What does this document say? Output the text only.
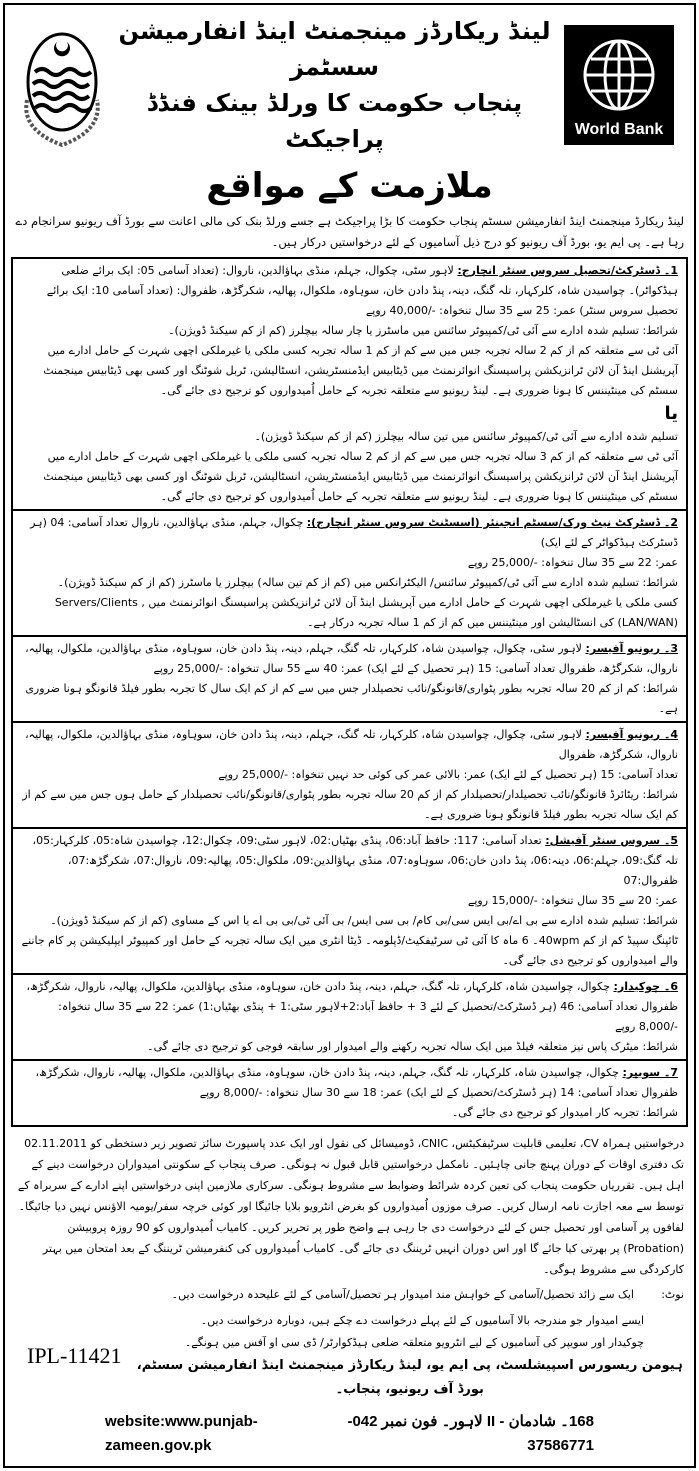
لینڈ ریکارڈز مینجمنٹ اینڈ انفارمیشن سسٹمز
پنجاب حکومت کا ورلڈ بینک فنڈڈ پراجیکٹ	World Bank
ملازمت کے مواقع
لینڈ ریکارڈ مینجمنٹ اینڈ انفارمیشن سسٹم پنجاب حکومت کا بڑا پراجیکٹ ہے جسے ورلڈ بنک کی مالی اعانت سے بورڈ آف ریونیو سرانجام دے رہا ہے۔ پی ایم یو، بورڈ آف ریونیو کو درج ذیل آسامیوں کے لئے درخواستیں درکار ہیں۔

1۔ ڈسٹرکٹ/تحصیل سروس سنٹر انچارج: لاہور سٹی، چکوال، جہلم، منڈی بہاؤالدین، ناروال: (تعداد آسامی 05: ایک برائے ضلعی ہیڈکواٹر)۔ چواسیدن شاہ، کلرکہار، تلہ گنگ، دینہ، پنڈ دادن خان، سوہاوہ، ملکوال، پھالیہ، شکرگڑھ، ظفروال: (تعداد آسامی 10: ایک برائے تحصیل سروس سنٹر) عمر: 25 سے 35 سال تنخواہ: -/40,000 روپے

شرائط: تسلیم شدہ ادارے سے آئی ٹی/کمپیوٹر سائنس میں ماسٹرز یا چار سالہ بیچلرز (کم از کم سیکنڈ ڈویژن)۔

آئی ٹی سے متعلقہ کم از کم 2 سالہ تجربہ جس میں سے کم از کم 1 سالہ تجربہ کسی ملکی یا غیرملکی اچھی شہرت کے حامل ادارے میں آپریشنل اینڈ آن لائن ٹرانزیکشن پراسیسنگ انوائرنمنٹ میں ڈیٹابیس ایڈمنسٹریشن، انسٹالیشن، ٹربل شوٹنگ اور کسی بھی ڈیٹابیس مینجمنٹ سسٹم کی مینٹیننس کا ہونا ضروری ہے۔ لینڈ ریونیو سے متعلقہ تجربہ کے حامل اُمیدواروں کو ترجیح دی جائے گی۔

یا

تسلیم شدہ ادارے سے آئی ٹی/کمپیوٹر سائنس میں تین سالہ بیچلرز (کم از کم سیکنڈ ڈویژن)۔

آئی ٹی سے متعلقہ کم از کم 3 سالہ تجربہ جس میں سے کم از کم 2 سالہ تجربہ کسی ملکی یا غیرملکی اچھی شہرت کے حامل ادارے میں آپریشنل اینڈ آن لائن ٹرانزیکشن پراسیسنگ انوائرنمنٹ میں ڈیٹابیس ایڈمنسٹریشن، انسٹالیشن، ٹربل شوٹنگ اور کسی بھی ڈیٹابیس مینجمنٹ سسٹم کی مینٹیننس کا ہونا ضروری ہے۔ لینڈ ریونیو سے متعلقہ تجربہ کے حامل اُمیدواروں کو ترجیح دی جائے گی۔

2۔ ڈسٹرکٹ نیٹ ورک/سسٹم انجینئر (اسسٹنٹ سروس سنٹر انچارج): چکوال، جہلم، منڈی بہاؤالدین، ناروال تعداد آسامی: 04 (ہر ڈسٹرکٹ ہیڈکواٹر کے لئے ایک)

عمر: 22 سے 35 سال تنخواہ: -/25,000 روپے

شرائط: تسلیم شدہ ادارے سے آئی ٹی/کمپیوٹر سائنس/ الیکٹرانکس میں (کم از کم تین سالہ) بیچلرز یا ماسٹرز (کم از کم سیکنڈ ڈویژن)۔

کسی ملکی یا غیرملکی اچھی شہرت کے حامل ادارے میں آپریشنل اینڈ آن لائن ٹرانزیکشن پراسیسنگ انوائرنمنٹ میں Servers/Clients ,(LAN/WAN) کی انسٹالیشن اور مینٹیننس میں کم از کم 1 سالہ تجربہ درکار ہے۔

3۔ ریونیو آفیسر: لاہور سٹی، چکوال، چواسیدن شاہ، کلرکہار، تلہ گنگ، جہلم، دینہ، پنڈ دادن خان، سوہاوہ، منڈی بہاؤالدین، ملکوال، پھالیہ، ناروال، شکرگڑھ، ظفروال تعداد آسامی: 15 (ہر تحصیل کے لئے ایک) عمر: 40 سے 55 سال تنخواہ: -/25,000 روپے

شرائط: کم از کم 20 سالہ تجربہ بطور پٹواری/قانونگو/نائب تحصیلدار جس میں سے کم از کم ایک سال کا تجربہ بطور فیلڈ قانونگو ہونا ضروری ہے۔

4۔ ریونیو آفیسر: لاہور سٹی، چکوال، چواسیدن شاہ، کلرکہار، تلہ گنگ، جہلم، دینہ، پنڈ دادن خان، سوہاوہ، منڈی بہاؤالدین، ملکوال، پھالیہ، ناروال، شکرگڑھ، ظفروال

تعداد آسامی: 15 (ہر تحصیل کے لئے ایک) عمر: بالائی عمر کی کوئی حد نہیں تنخواہ: -/25,000 روپے

شرائط: ریٹائرڈ قانونگو/نائب تحصیلدار/تحصیلدار کم از کم 20 سالہ تجربہ بطور پٹواری/قانونگو/نائب تحصیلدار کے حامل ہوں جس میں سے کم از کم ایک سالہ تجربہ بطور فیلڈ قانونگو ہونا ضروری ہے۔

5۔ سروس سنٹر آفیشل: تعداد آسامی: 117: حافظ آباد:06، پنڈی بھٹیاں:02، لاہور سٹی:09، چکوال:12، چواسیدن شاہ:05، کلرکہار:05، تلہ گنگ:09، جہلم:06، دینہ:06، پنڈ دادن خان:06، سوہاوہ:07، منڈی بہاؤالدین:09، ملکوال:05، پھالیہ:09، ناروال:07، شکرگڑھ:07، ظفروال:07

عمر: 20 سے 35 سال تنخواہ: -/15,000 روپے

شرائط: تسلیم شدہ ادارے سے بی اے/بی ایس سی/بی کام/ بی سی ایس/ بی آئی ٹی/بی بی اے یا اس کے مساوی (کم از کم سیکنڈ ڈویژن)۔ ٹائپنگ سپیڈ کم از کم 40wpm۔ 6 ماہ کا آئی ٹی سرٹیفکیٹ/ڈپلومہ۔ ڈیٹا انٹری میں ایک سالہ تجربہ کے حامل اور کمپیوٹر ایپلیکیشن پر کام جاننے والے امیدواروں کو ترجیح دی جائے گی۔

6۔ چوکیدار: چکوال، چواسیدن شاہ، کلرکہار، تلہ گنگ، جہلم، دینہ، پنڈ دادن خان، سوہاوہ، منڈی بہاؤالدین، ملکوال، پھالیہ، ناروال، شکرگڑھ، ظفروال تعداد آسامی: 46 (ہر ڈسٹرکٹ/تحصیل کے لئے 3 + حافظ آباد:2+لاہور سٹی:1 + پنڈی بھٹیاں:1) عمر: 22 سے 35 سال تنخواہ: -/8,000 روپے

شرائط: میٹرک پاس نیز متعلقہ فیلڈ میں ایک سالہ تجربہ رکھنے والے امیدوار اور سابقہ فوجی کو ترجیح دی جائے گی۔

7۔ سویپر: چکوال، چواسیدن شاہ، کلرکہار، تلہ گنگ، جہلم، دینہ، پنڈ دادن خان، سوہاوہ، منڈی بہاؤالدین، ملکوال، پھالیہ، ناروال، شکرگڑھ، ظفروال تعداد آسامی: 14 (ہر ڈسٹرکٹ/تحصیل کے لئے ایک) عمر: 18 سے 30 سال تنخواہ: -/8,000 روپے

شرائط: تجربہ کار امیدوار کو ترجیح دی جائے گی۔

درخواستیں ہمراہ CV، تعلیمی قابلیت سرٹیفکیٹس، CNIC، ڈومیسائل کی نقول اور ایک عدد پاسپورٹ سائز تصویر زیر دستخطی کو 02.11.2011 تک دفتری اوقات کے دوران پہنچ جانی چاہئیں۔ نامکمل درخواستیں قابل قبول نہ ہونگی۔ صرف پنجاب کے سکونتی امیدواران درخواست دینے کے اہل ہیں۔ تقرریاں حکومت پنجاب کی تعین کردہ شرائط وضوابط سے مشروط ہونگی۔ سرکاری ملازمین اپنی درخواستیں اپنے ادارے کے سربراہ کے توسط سے معہ اجازت نامہ ارسال کریں۔ صرف موزوں اُمیدواروں کو بغرض انٹرویو بلایا جائیگا اور کوئی خرچہ سفر/یومیہ الاؤنس نہیں دیا جائیگا۔ لفافوں پر آسامی اور تحصیل جس کے لئے درخواست دی جا رہی ہے واضح طور پر تحریر کریں۔ کامیاب اُمیدواروں کو 90 روزہ پروبیشن (Probation) پر بھرتی کیا جائے گا اور اس دوران انہیں ٹریننگ دی جائے گی۔ کامیاب اُمیدواروں کی کنفرمیشن ٹریننگ کے بعد امتحان میں بہتر کارکردگی سے مشروط ہوگی۔
نوٹ:ایک سے زائد تحصیل/آسامی کے خواہش مند امیدوار ہر تحصیل/آسامی کے لئے علیحدہ درخواست دیں۔
IPL-11421
ایسے امیدوار جو مندرجہ بالا آسامیوں کے لئے پہلے درخواست دے چکے ہیں، دوبارہ درخواست دیں۔
چوکیدار اور سویپر کی آسامیوں کے لیے انٹرویو متعلقہ ضلعی ہیڈکوارٹر/ ڈی سی او آفس میں ہونگے۔
ہیومن ریسورس اسپیشلسٹ، پی ایم یو، لینڈ ریکارڈز مینجمنٹ اینڈ انفارمیشن سسٹم، بورڈ آف ریونیو، پنجاب۔
website:www.punjab-zameen.gov.pk
168۔ شادمان - II لاہور۔ فون نمبر 042-37586771
